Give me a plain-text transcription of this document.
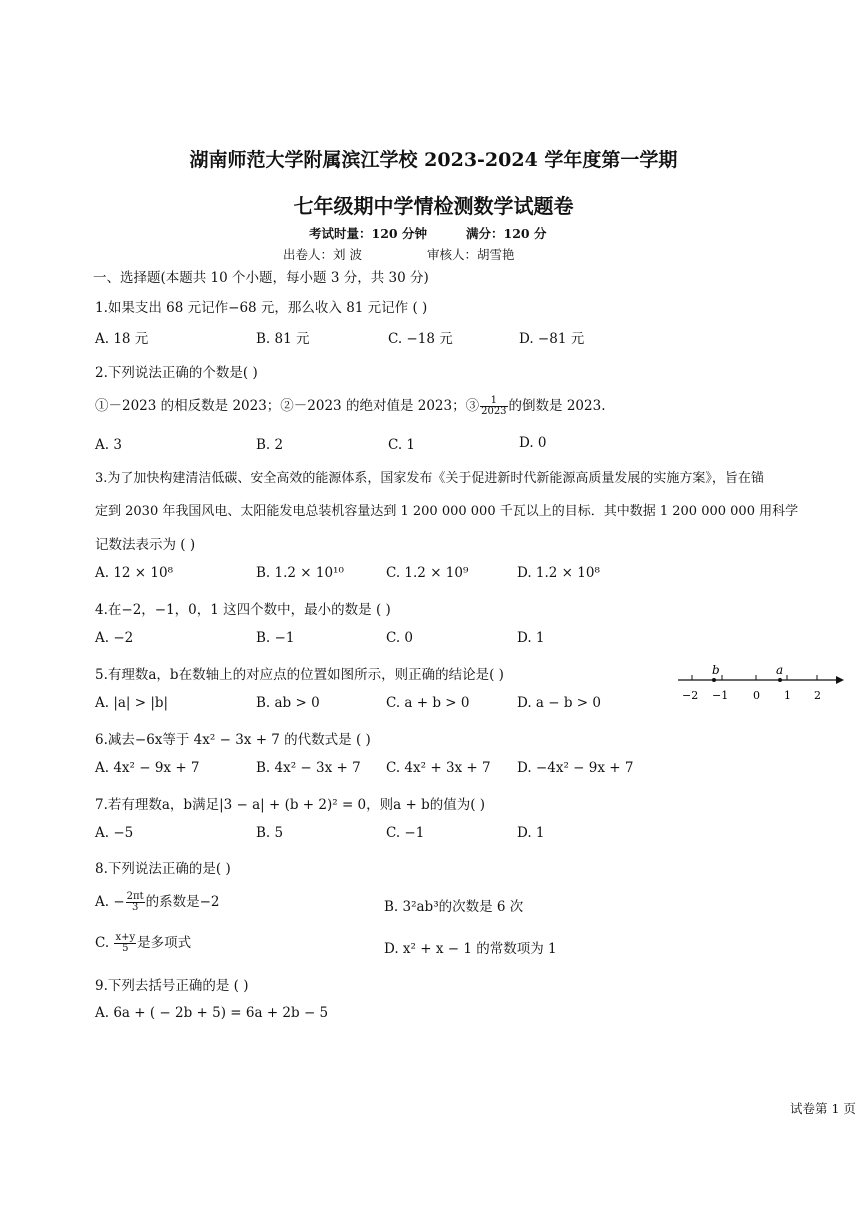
湖南师范大学附属滨江学校 2023-2024 学年度第一学期
七年级期中学情检测数学试题卷
考试时量：120 分钟	满分：120 分
出卷人：刘 波	审核人：胡雪艳
一、选择题(本题共 10 个小题，每小题 3 分，共 30 分)
1.如果支出 68 元记作−68 元，那么收入 81 元记作 ( )
A. 18 元	B. 81 元	C. −18 元	D. −81 元
2.下列说法正确的个数是( )
①－2023 的相反数是 2023；②－2023 的绝对值是 2023；③ $\frac{1}{2023}$ 的倒数是 2023.
A. 3	B. 2	C. 1	D. 0
3.为了加快构建清洁低碳、安全高效的能源体系，国家发布《关于促进新时代新能源高质量发展的实施方案》，旨在锚
定到 2030 年我国风电、太阳能发电总装机容量达到 1 200 000 000 千瓦以上的目标．其中数据 1 200 000 000 用科学
记数法表示为 ( )
A. 12 × 10⁸	B. 1.2 × 10¹⁰	C. 1.2 × 10⁹	D. 1.2 × 10⁸
4.在−2，−1，0，1 这四个数中，最小的数是 ( )
A. −2	B. −1	C. 0	D. 1
5.有理数a，b在数轴上的对应点的位置如图所示，则正确的结论是( )
A. |a| > |b|	B. ab > 0	C. a + b > 0	D. a − b > 0
b	a
−2 −1 0 1 2
6.减去−6x等于 4x² − 3x + 7 的代数式是 ( )
A. 4x² − 9x + 7	B. 4x² − 3x + 7 C. 4x² + 3x + 7 D. −4x² − 9x + 7
7.若有理数a，b满足|3 − a| + (b + 2)² = 0，则a + b的值为( )
A. −5	B. 5	C. −1	D. 1
8.下列说法正确的是( )
A. − $\frac{2\pi t}{3}$ 的系数是−2	B. 3²ab³的次数是 6 次
C. $\frac{x+y}{5}$ 是多项式	D. x² + x − 1 的常数项为 1
9.下列去括号正确的是 ( )
A. 6a + ( − 2b + 5) = 6a + 2b − 5
试卷第 1 页
